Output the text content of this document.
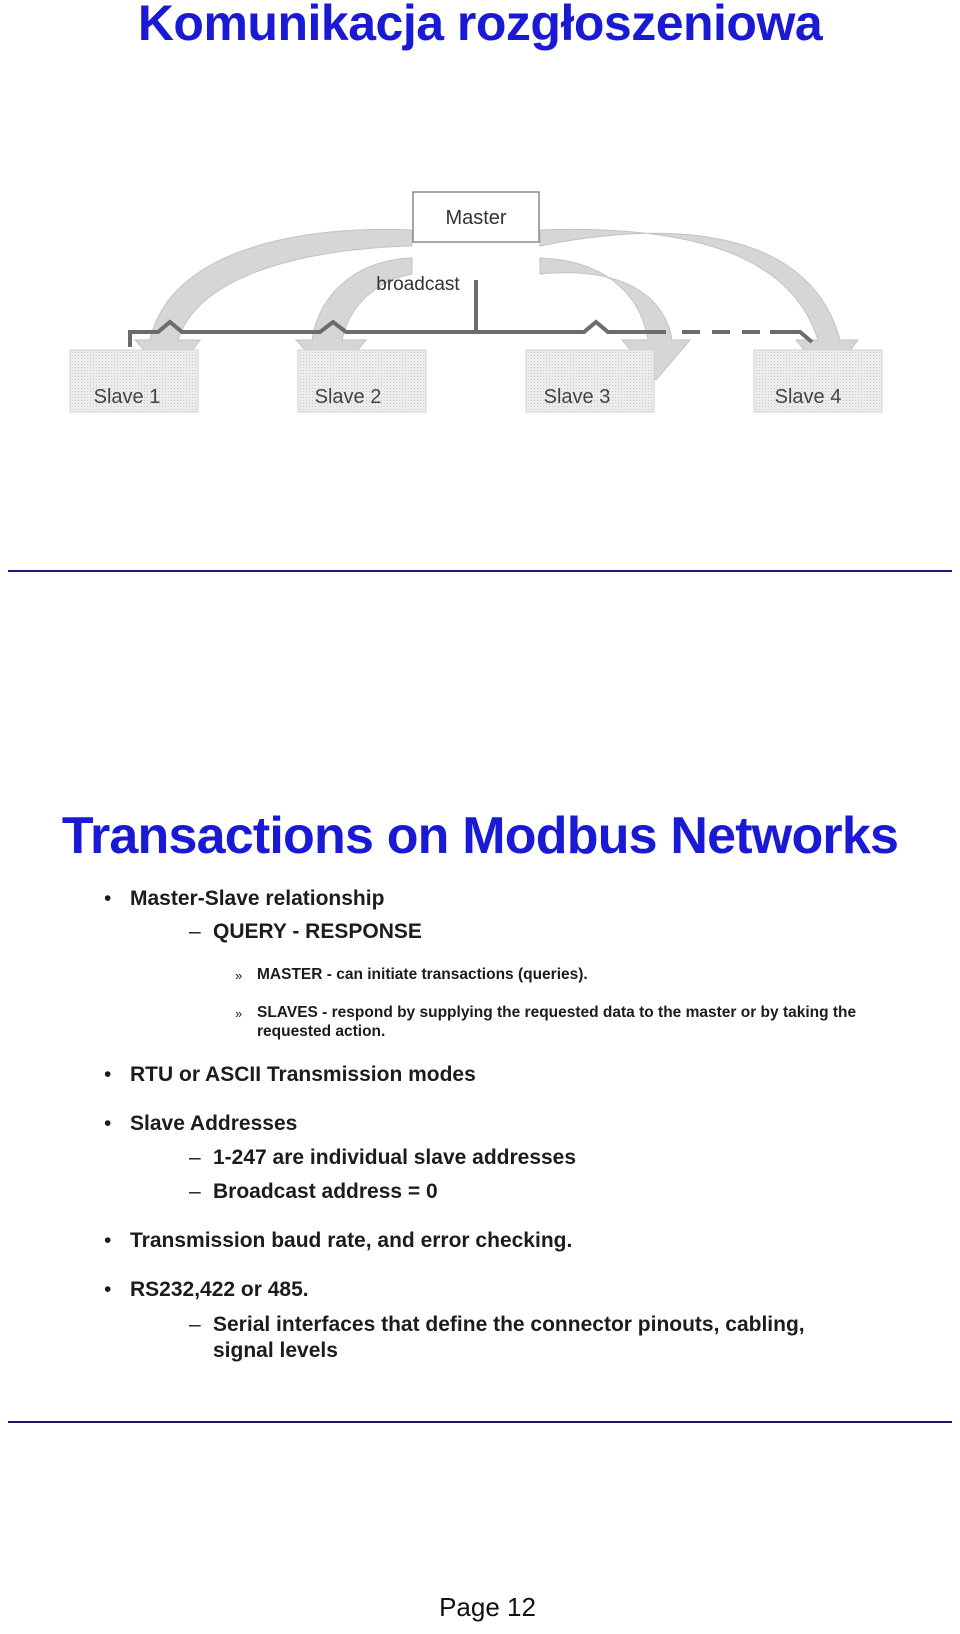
Komunikacja rozgłoszeniowa
Master
broadcast
Slave 1	Slave 2	Slave 3	Slave 4
Transactions on Modbus Networks
• Master-Slave relationship
– QUERY - RESPONSE
» MASTER - can initiate transactions (queries).
» SLAVES - respond by supplying the requested data to the master or by taking the requested action.
• RTU or ASCII Transmission modes
• Slave Addresses
– 1-247 are individual slave addresses
– Broadcast address = 0
• Transmission baud rate, and error checking.
• RS232,422 or 485.
– Serial interfaces that define the connector pinouts, cabling, signal levels
Page 12
